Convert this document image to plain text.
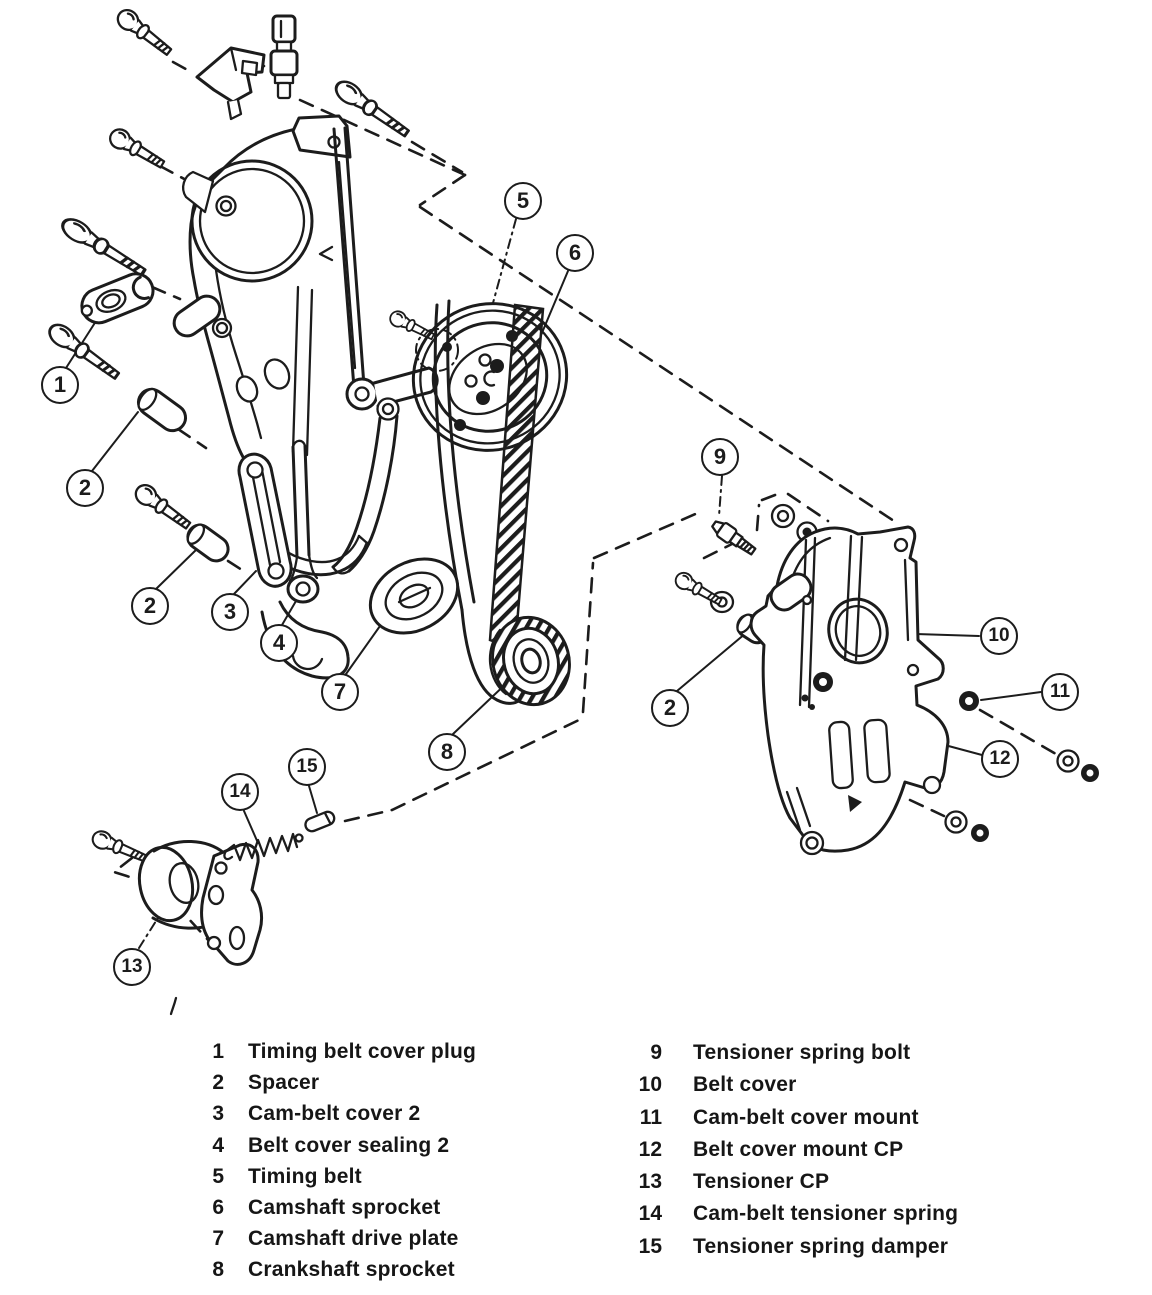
1
2
2	3
4
5
6
7
8
9
2
10
11
12
13
14
15
1 Timing belt cover plug
2 Spacer
3 Cam-belt cover 2
4 Belt cover sealing 2
5 Timing belt
6 Camshaft sprocket
7 Camshaft drive plate
8 Crankshaft sprocket
9 Tensioner spring bolt
10 Belt cover
11 Cam-belt cover mount
12 Belt cover mount CP
13 Tensioner CP
14 Cam-belt tensioner spring
15 Tensioner spring damper
